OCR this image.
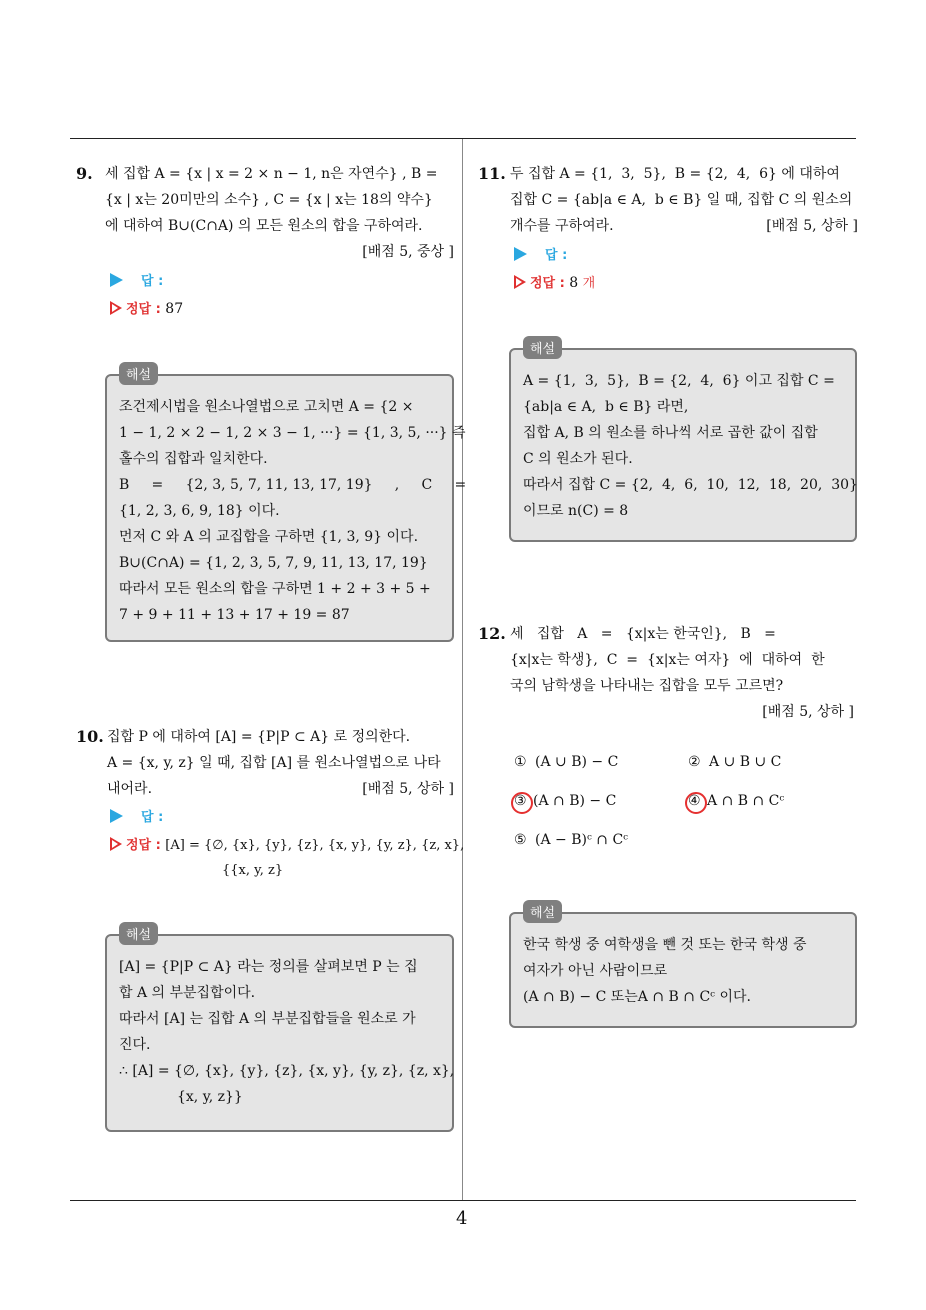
9. 세 집합 A = {x | x = 2 × n − 1, n은 자연수} , B =
{x | x는 20미만의 소수} , C = {x | x는 18의 약수}
에 대하여 B∪(C∩A) 의 모든 원소의 합을 구하여라.
[배점 5, 중상 ]
답 :
정답 : 87
해설
조건제시법을 원소나열법으로 고치면 A = {2 ×
1 − 1, 2 × 2 − 1, 2 × 3 − 1, ···} = {1, 3, 5, ···} 즉
홀수의 집합과 일치한다.
B     =     {2, 3, 5, 7, 11, 13, 17, 19}     ,     C     =
{1, 2, 3, 6, 9, 18} 이다.
먼저 C 와 A 의 교집합을 구하면 {1, 3, 9} 이다.
B∪(C∩A) = {1, 2, 3, 5, 7, 9, 11, 13, 17, 19}
따라서 모든 원소의 합을 구하면 1 + 2 + 3 + 5 +
7 + 9 + 11 + 13 + 17 + 19 = 87
10. 집합 P 에 대하여 [A] = {P|P ⊂ A} 로 정의한다.
A = {x, y, z} 일 때, 집합 [A] 를 원소나열법으로 나타
내어라.	[배점 5, 상하 ]
답 :
정답 : [A] = {∅, {x}, {y}, {z}, {x, y}, {y, z}, {z, x},
{{x, y, z}
해설
[A] = {P|P ⊂ A} 라는 정의를 살펴보면 P 는 집
합 A 의 부분집합이다.
따라서 [A] 는 집합 A 의 부분집합들을 원소로 가
진다.
∴ [A] = {∅, {x}, {y}, {z}, {x, y}, {y, z}, {z, x},
{x, y, z}}
11. 두 집합 A = {1,  3,  5},  B = {2,  4,  6} 에 대하여
집합 C = {ab|a ∈ A,  b ∈ B} 일 때, 집합 C 의 원소의
개수를 구하여라.	[배점 5, 상하 ]
답 :
정답 : 8 개
해설
A = {1,  3,  5},  B = {2,  4,  6} 이고 집합 C =
{ab|a ∈ A,  b ∈ B} 라면,
집합 A, B 의 원소를 하나씩 서로 곱한 값이 집합
C 의 원소가 된다.
따라서 집합 C = {2,  4,  6,  10,  12,  18,  20,  30}
이므로 n(C) = 8
12. 세   집합   A   =   {x|x는 한국인},   B   =
{x|x는 학생},  C  =  {x|x는 여자}  에  대하여  한
국의 남학생을 나타내는 집합을 모두 고르면?
[배점 5, 상하 ]
① (A ∪ B) − C	② A ∪ B ∪ C
③ (A ∩ B) − C	④ A ∩ B ∩ Cᶜ
⑤ (A − B)ᶜ ∩ Cᶜ
해설
한국 학생 중 여학생을 뺀 것 또는 한국 학생 중
여자가 아닌 사람이므로
(A ∩ B) − C 또는A ∩ B ∩ Cᶜ 이다.
4
